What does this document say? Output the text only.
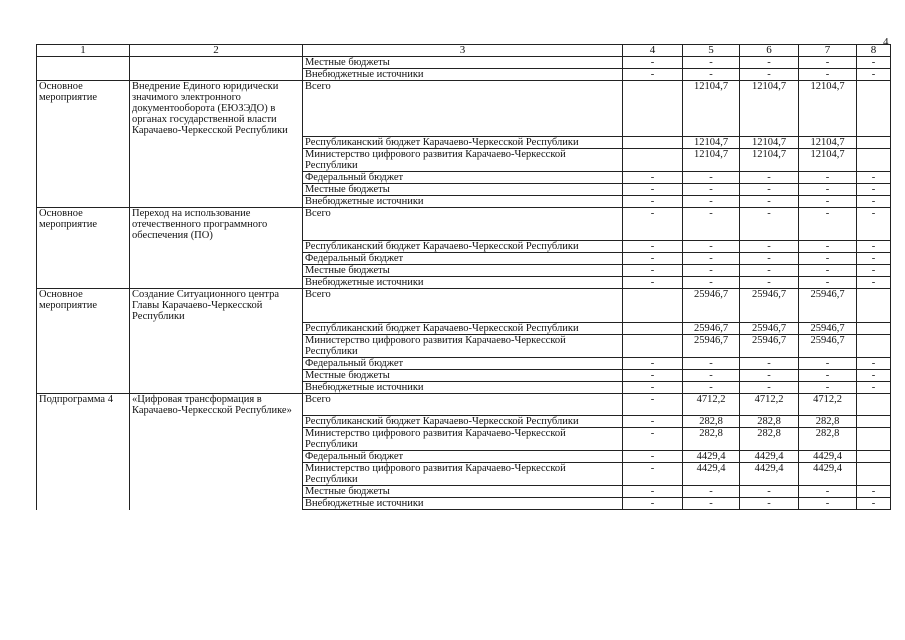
4
1	2	3	4	5	6	7	8
		Местные бюджеты	-	-	-	-	-
		Внебюджетные источники	-	-	-	-	-
Основное мероприятие	Внедрение Единого юридически значимого электронного документооборота (ЕЮЗЭДО) в органах государственной власти Карачаево-Черкесской Республики	Всего		12104,7	12104,7	12104,7	
		Республиканский бюджет Карачаево-Черкесской Республики		12104,7	12104,7	12104,7	
		Министерство цифрового развития Карачаево-Черкесской Республики		12104,7	12104,7	12104,7	
		Федеральный бюджет	-	-	-	-	-
		Местные бюджеты	-	-	-	-	-
		Внебюджетные источники	-	-	-	-	-
Основное мероприятие	Переход на использование отечественного программного обеспечения (ПО)	Всего	-	-	-	-	-
		Республиканский бюджет Карачаево-Черкесской Республики	-	-	-	-	-
		Федеральный бюджет	-	-	-	-	-
		Местные бюджеты	-	-	-	-	-
		Внебюджетные источники	-	-	-	-	-
Основное мероприятие	Создание Ситуационного центра Главы Карачаево-Черкесской Республики	Всего		25946,7	25946,7	25946,7	
		Республиканский бюджет Карачаево-Черкесской Республики		25946,7	25946,7	25946,7	
		Министерство цифрового развития Карачаево-Черкесской Республики		25946,7	25946,7	25946,7	
		Федеральный бюджет	-	-	-	-	-
		Местные бюджеты	-	-	-	-	-
		Внебюджетные источники	-	-	-	-	-
Подпрограмма 4	«Цифровая трансформация в Карачаево-Черкесской Республике»	Всего	-	4712,2	4712,2	4712,2	
		Республиканский бюджет Карачаево-Черкесской Республики	-	282,8	282,8	282,8	
		Министерство цифрового развития Карачаево-Черкесской Республики	-	282,8	282,8	282,8	
		Федеральный бюджет	-	4429,4	4429,4	4429,4	
		Министерство цифрового развития Карачаево-Черкесской Республики	-	4429,4	4429,4	4429,4	
		Местные бюджеты	-	-	-	-	-
		Внебюджетные источники	-	-	-	-	-
